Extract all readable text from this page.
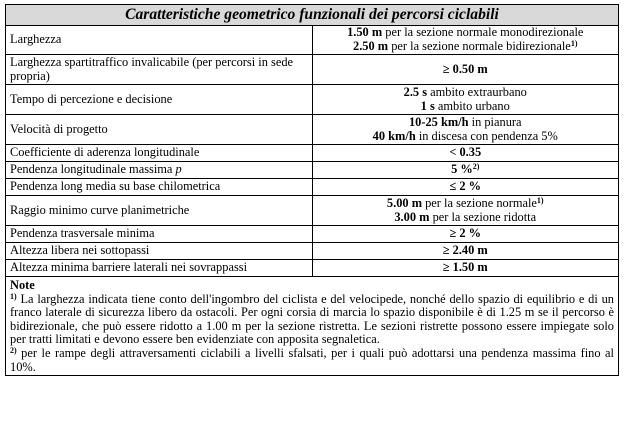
Caratteristiche geometrico funzionali dei percorsi ciclabili	
Larghezza	1.50 m per la sezione normale monodirezionale
2.50 m per la sezione normale bidirezionale$^{1)}$

Larghezza spartitraffico invalicabile (per percorsi in sede propria)	≥ 0.50 m

Tempo di percezione e decisione	2.5 s ambito extraurbano
1 s ambito urbano

Velocità di progetto	10-25 km/h in pianura
40 km/h in discesa con pendenza 5%

Coefficiente di aderenza longitudinale	< 0.35

Pendenza longitudinale massima p	5 %$^{2)}$

Pendenza long media su base chilometrica	≤ 2 %

Raggio minimo curve planimetriche	5.00 m per la sezione normale$^{1)}$
3.00 m per la sezione ridotta

Pendenza trasversale minima	≥ 2 %

Altezza libera nei sottopassi	≥ 2.40 m

Altezza minima barriere laterali nei sovrappassi	≥ 1.50 m

Note
$^{1)}$ La larghezza indicata tiene conto dell'ingombro del ciclista e del velocipede, nonché dello spazio di equilibrio e di un franco laterale di sicurezza libero da ostacoli. Per ogni corsia di marcia lo spazio disponibile è di 1.25 m se il percorso è bidirezionale, che può essere ridotto a 1.00 m per la sezione ristretta. Le sezioni ristrette possono essere impiegate solo per tratti limitati e devono essere ben evidenziate con apposita segnaletica.
$^{2)}$ per le rampe degli attraversamenti ciclabili a livelli sfalsati, per i quali può adottarsi una pendenza massima fino al 10%.	
